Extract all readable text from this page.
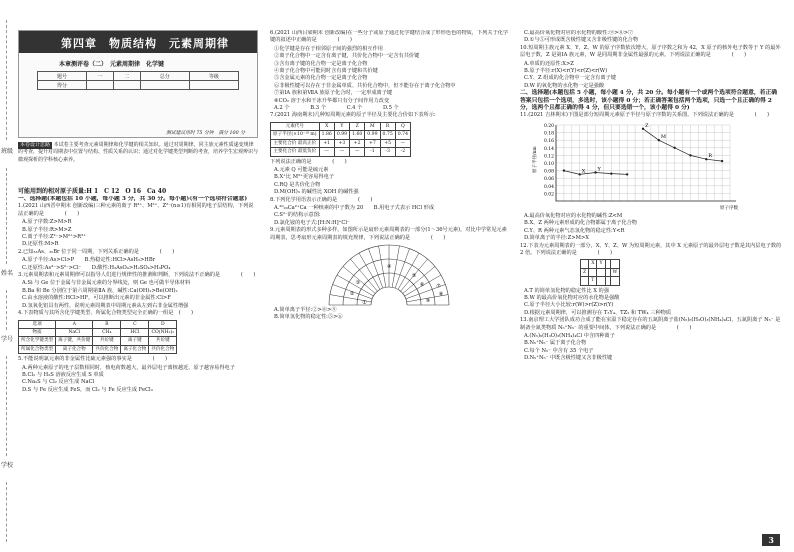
班级
姓名
学号
学校
第四章　物质结构　元素周期律
本章测评卷（二）　元素周期律　化学键
题号	一	二	总分	等级
得分				
测试建议用时 75 分钟　满分 100 分
本卷设计思路 本试卷主要考查元素周期律和化学键的相关知识。通过对周期律，同主族元素性质递变规律的考查，提升对周期表中位置与结构、性质关系的认识；通过对化学键类型判断的考查，培养学生宏观辨识与微观探析的学科核心素养。
可能用到的相对原子质量:H 1　C 12　O 16　Ca 40
一、选择题(本题包括 10 小题，每小题 3 分，共 30 分。每小题只有一个选项符合题意)
1.(2021 山西晋中期末 创新改编)三种元素的离子 R³⁺、M²⁺、Z²⁻(n≥1)有相同的电子层结构，下列说法正确的是　　　　(　　)
A.原子序数:Z>M>R
B.原子半径:R>M>Z
C.离子半径:Z²⁻>M²⁺>R³⁺
D.还原性:M>R
2.已知₃₃As、₃₅Br 位于同一周期，下列关系正确的是　　　　(　　)
A.原子半径:As>Cl>P　　B.热稳定性:HCl>AsH₃>HBr
C.还原性:As³⁻>S²⁻>Cl⁻　　D.酸性:H₃AsO₄>H₂SO₄>H₃PO₄
3.元素周期表和元素周期律可以指导人们进行规律性的推测和判断，下列说法不正确的是　　　　(　　)
A.Si 与 Ge 位于金属与非金属元素的分界线处，则 Ge 也可做半导体材料
B.Ba 和 Be 分别位于第六周期第ⅡA 族，碱性:Ca(OH)₂>Be(OH)₂
C.由水溶液的酸性:HCl>HF，可以推断出元素的非金属性:Cl>F
D.氢氧化铝具有两性，说明元素周期表中周期元素从左到右非金属性增强
4.下表物质与其所含化学键类型、所属化合物类型完全正确的一组是　(　　)
选项	A	B	C	D
物质	NaCl	CH₄	HCl	CO(NH₂)₂
所含化学键类型	离子键，共价键	共价键	离子键	共价键
所属化合物类型	离子化合物	共价化合物	离子化合物	共价化合物
5.不能说明氯元素的非金属性比硫元素强的事实是　　　　(　　)
A.两种元素原子的电子层数相同时，核电荷数越大，最外层电子离核越近，原子越容易得电子
B.Cl₂ 与 H₂S 溶液反应生成 S 单质
C.Na₂S 与 Cl₂ 反应生成 NaCl
D.S 与 Fe 反应生成 FeS，而 Cl₂ 与 Fe 反应生成 FeCl₃
6.(2021 山西吕梁期末 创新改编)在一些分子或原子通过化学键结合成了形形色色的物质，下列关于化学键的叙述中正确的是　　　　(　　)
①化学键是存在于相邻原子间的强烈的相互作用
②离子化合物中一定含有离子键，共价化合物中一定含有共价键
③含有离子键的化合物一定是离子化合物
④离子化合物中可能同时含有离子键和共价键
⑤含金属元素的化合物一定是离子化合物
⑥非极性键可以存在于非金属单质、共价化合物中，但不能存在于离子化合物中
⑦第ⅠA 族和第ⅦA 族原子化合时，一定形成离子键
⑧CO₂ 溶于水和干冰升华都只有分子间作用力改变
A.2 个　　　　B.3 个　　　　C.4 个　　　　D.5 个
7.(2021 海南期末)几种短周期元素的原子半径及主要化合价如下表所示:
元素代号	X	Y	Z	M	R	Q
原子半径(×10⁻¹⁰ m)	1.86	0.99	1.60	0.99	0.75	0.74
主要化合价 最高正价	+1	+3	+2	+7	+5	—
主要化合价 最低负价	—	—	—	-1	-3	-2
下列说法正确的是　　　　(　　)
A.元素 Q 可能是硫元素
B.X⁺比 M³⁺更容易得电子
C.RQ 是共价化合物
D.M(OH)₃ 的碱性比 XOH 的碱性强
8.下列化学用语表示正确的是　　　　(　　)
A.²⁰₂₀Ca²⁺Ca 一种核素的中子数为 20　　B.用电子式表示 HCl 形成
C.S²⁻的结构示意图:
D.氯化铵的电子式:[H:N:H]⁺Cl⁻
9.元素周期表的形式多种多样，如图所示是扇形元素周期表的一部分(1～36号元素)，对比中学常见元素周期表，思考扇形元素周期表的填充规律，下列说法正确的是　　　　(　　)
①
②
③
④
⑤
⑥ ⑦
⑧
⑨
A.简单离子半径:②>⑧>⑨
B.简单氢化物的稳定性:⑤>⑥
C.最高价氧化物对应的水化物的酸性:⑨>⑧>⑦
D.①与⑤可形成既含极性键又含非极性键的化合物
10.短周期主族元素 X、Y、Z、W 的原子序数依次增大，原子序数之和为 42，X 原子的核外电子数等于 Y 的最外层电子数，Z 是第ⅠA 族元素，W 是同周期非金属性最强的元素。下列说法正确的是　　　　(　　)
A.单质的还原性:X>Z
B.原子半径:r(X)<r(Y)<r(Z)<r(W)
C.Y、Z 组成的化合物中一定含有离子键
D.W 的氧化物的水化物一定是强酸
二、选择题(本题包括 5 小题，每小题 4 分，共 20 分。每小题有一个或两个选项符合题意，若正确答案只包括一个选项，多选时，该小题得 0 分；若正确答案包括两个选项，只选一个且正确的得 2 分，选两个且都正确的得 4 分，但只要选错一个，该小题得 0 分)
11.(2021 吉林期末)下图是部分短周期元素原子半径与原子序数的关系图。下列说法正确的是　　　　(　　)
0.02
0.04
0.06
0.08
0.10
0.12
0.14
0.16
0.18
0.20
原子半径/nm
原子序数
X Y
Z
M
R
A.最高价氧化物对应的水化物的碱性:Z<M
B.X、Z 两种元素形成的化合物都属于离子化合物
C.Y、R 两种元素气态氢化物的稳定性:Y<R
D.简单离子的半径:Z>M>X
12.下表为元素周期表的一部分，X、Y、Z、W 为短周期元素，其中 X 元素原子的最外层电子数是其内层电子数的 2 倍。下列说法正确的是　　　　(　　)
	X	Y		
Z				W
	T			
A.T 的简单氢化物的稳定性比 X 的强
B.W 的最高价氧化物对应的水化物是强酸
C.原子半径大小比较:r(W)>r(Z)>r(Y)
D.根据元素周期律，可以推测存在 T₃Y₄、TZ₂ 和 TW₄ 三种物质
13.南京理工大学团队成功合成了能在室温下稳定存在的五氮阴离子盐(N₅)₆(H₃O)₃(NH₄)₄Cl，五氮阴离子 N₅⁻ 是制备全氮类物质 N₅⁺N₅⁻ 的重要中间体，下列说法正确的是　　　　(　　)
A.(N₅)₆(H₃O)₃(NH₄)₄Cl 中含四种离子
B.N₅⁺N₅⁻ 属于离子化合物
C.每个 N₅⁻ 中含有 35 个电子
D.N₅⁺N₅⁻ 中既含极性键又含非极性键
3
